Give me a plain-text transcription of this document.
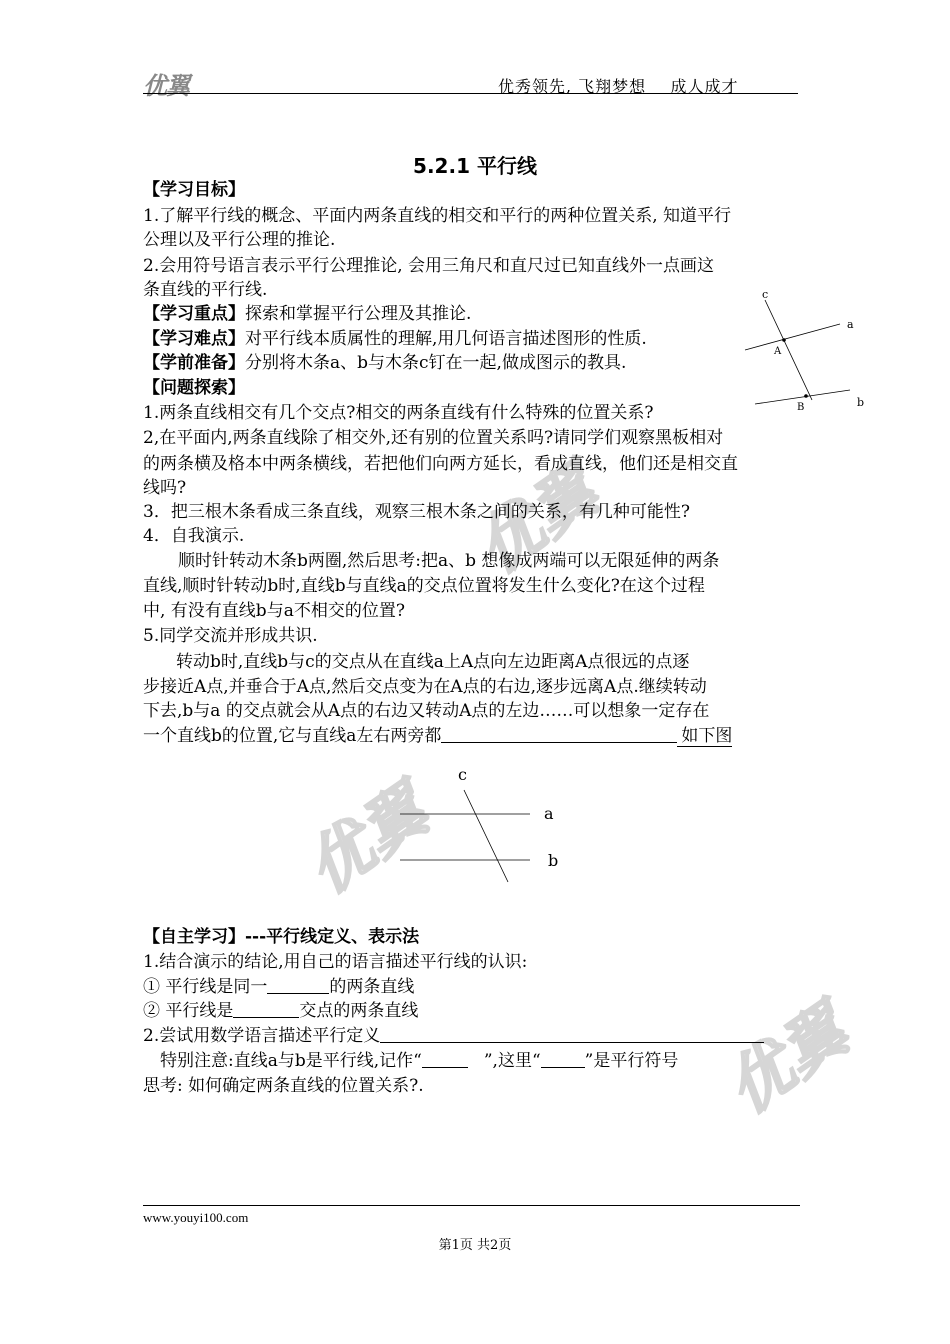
优翼	优秀领先, 飞翔梦想    成人成才
优翼
优翼
优翼
5.2.1 平行线
【学习目标】
1.了解平行线的概念、平面内两条直线的相交和平行的两种位置关系, 知道平行
公理以及平行公理的推论.
2.会用符号语言表示平行公理推论, 会用三角尺和直尺过已知直线外一点画这
条直线的平行线.
【学习重点】探索和掌握平行公理及其推论.
【学习难点】对平行线本质属性的理解,用几何语言描述图形的性质.
【学前准备】分别将木条a、b与木条c钉在一起,做成图示的教具.
c
a
A
B	b
【问题探索】
1.两条直线相交有几个交点?相交的两条直线有什么特殊的位置关系?
2,在平面内,两条直线除了相交外,还有别的位置关系吗?请同学们观察黑板相对
的两条横及格本中两条横线，若把他们向两方延长，看成直线，他们还是相交直
线吗?
3．把三根木条看成三条直线，观察三根木条之间的关系，有几种可能性?
4．自我演示.
顺时针转动木条b两圈,然后思考:把a、b 想像成两端可以无限延伸的两条
直线,顺时针转动b时,直线b与直线a的交点位置将发生什么变化?在这个过程
中, 有没有直线b与a不相交的位置?
5.同学交流并形成共识.
转动b时,直线b与c的交点从在直线a上A点向左边距离A点很远的点逐
步接近A点,并垂合于A点,然后交点变为在A点的右边,逐步远离A点.继续转动
下去,b与a 的交点就会从A点的右边又转动A点的左边……可以想象一定存在
一个直线b的位置,它与直线a左右两旁都	如下图
c
a
b
【自主学习】---平行线定义、表示法
1.结合演示的结论,用自己的语言描述平行线的认识:
① 平行线是同一	的两条直线
② 平行线是	交点的两条直线
2.尝试用数学语言描述平行定义
特别注意:直线a与b是平行线,记作“	”,这里“	”是平行符号
思考: 如何确定两条直线的位置关系?.
www.youyi100.com
第1页 共2页
